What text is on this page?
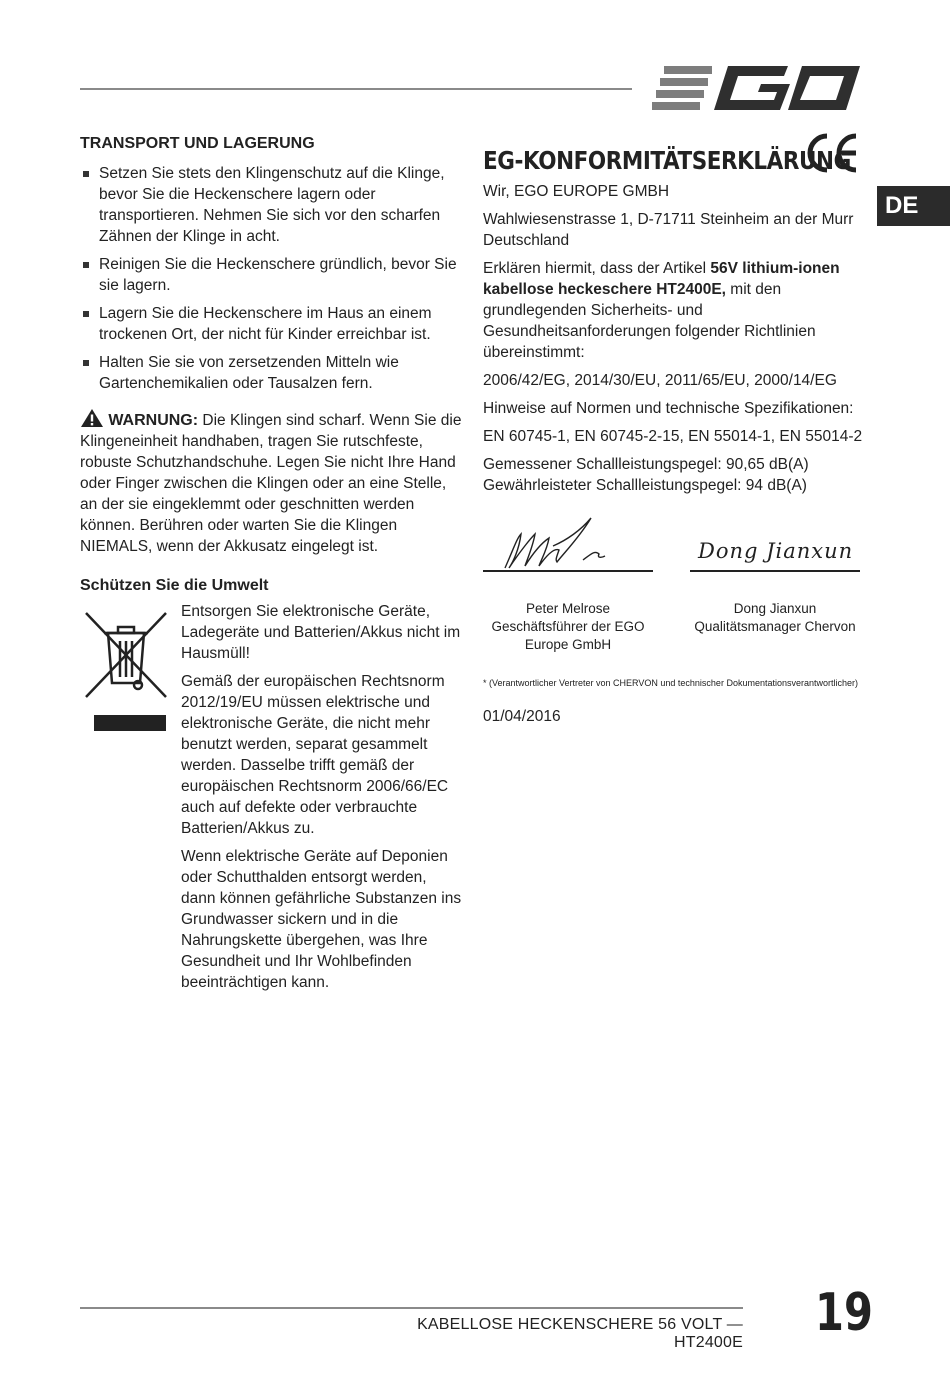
DE
TRANSPORT UND LAGERUNG
Setzen Sie stets den Klingenschutz auf die Klinge, bevor Sie die Heckenschere lagern oder transportieren. Nehmen Sie sich vor den scharfen Zähnen der Klinge in acht.
Reinigen Sie die Heckenschere gründlich, bevor Sie sie lagern.
Lagern Sie die Heckenschere im Haus an einem trockenen Ort, der nicht für Kinder erreichbar ist.
Halten Sie sie von zersetzenden Mitteln wie Gartenchemikalien oder Tausalzen fern.
WARNUNG: Die Klingen sind scharf. Wenn Sie die Klingeneinheit handhaben, tragen Sie rutschfeste, robuste Schutzhandschuhe. Legen Sie nicht Ihre Hand oder Finger zwischen die Klingen oder an eine Stelle, an der sie eingeklemmt oder geschnitten werden können. Berühren oder warten Sie die Klingen NIEMALS, wenn der Akkusatz eingelegt ist.
Schützen Sie die Umwelt

Entsorgen Sie elektronische Geräte, Ladegeräte und Batterien/Akkus nicht im Hausmüll!

Gemäß der europäischen Rechtsnorm 2012/19/EU müssen elektrische und elektronische Geräte, die nicht mehr benutzt werden, separat gesammelt werden. Dasselbe trifft gemäß der europäischen Rechtsnorm 2006/66/EC auch auf defekte oder verbrauchte Batterien/Akkus zu.

Wenn elektrische Geräte auf Deponien oder Schutthalden entsorgt werden, dann können gefährliche Substanzen ins Grundwasser sickern und in die Nahrungskette übergehen, was Ihre Gesundheit und Ihr Wohlbefinden beeinträchtigen kann.

EG-KONFORMITÄTSERKLÄRUNG

Wir, EGO EUROPE GMBH

Wahlwiesenstrasse 1, D-71711 Steinheim an der Murr Deutschland

Erklären hiermit, dass der Artikel 56V lithium-ionen kabellose heckeschere HT2400E, mit den grundlegenden Sicherheits- und Gesundheitsanforderungen folgender Richtlinien übereinstimmt:

2006/42/EG, 2014/30/EU, 2011/65/EU, 2000/14/EG

Hinweise auf Normen und technische Spezifikationen:

EN 60745-1, EN 60745-2-15, EN 55014-1, EN 55014-2

Gemessener Schallleistungspegel: 90,65 dB(A)
Gewährleisteter Schallleistungspegel: 94 dB(A)

Peter Melrose
Geschäftsführer der EGO Europe GmbH
Dong Jianxun
Dong Jianxun
Qualitätsmanager Chervon
* (Verantwortlicher Vertreter von CHERVON und technischer Dokumentationsverantwortlicher)
01/04/2016
KABELLOSE HECKENSCHERE 56 VOLT — HT2400E 19
